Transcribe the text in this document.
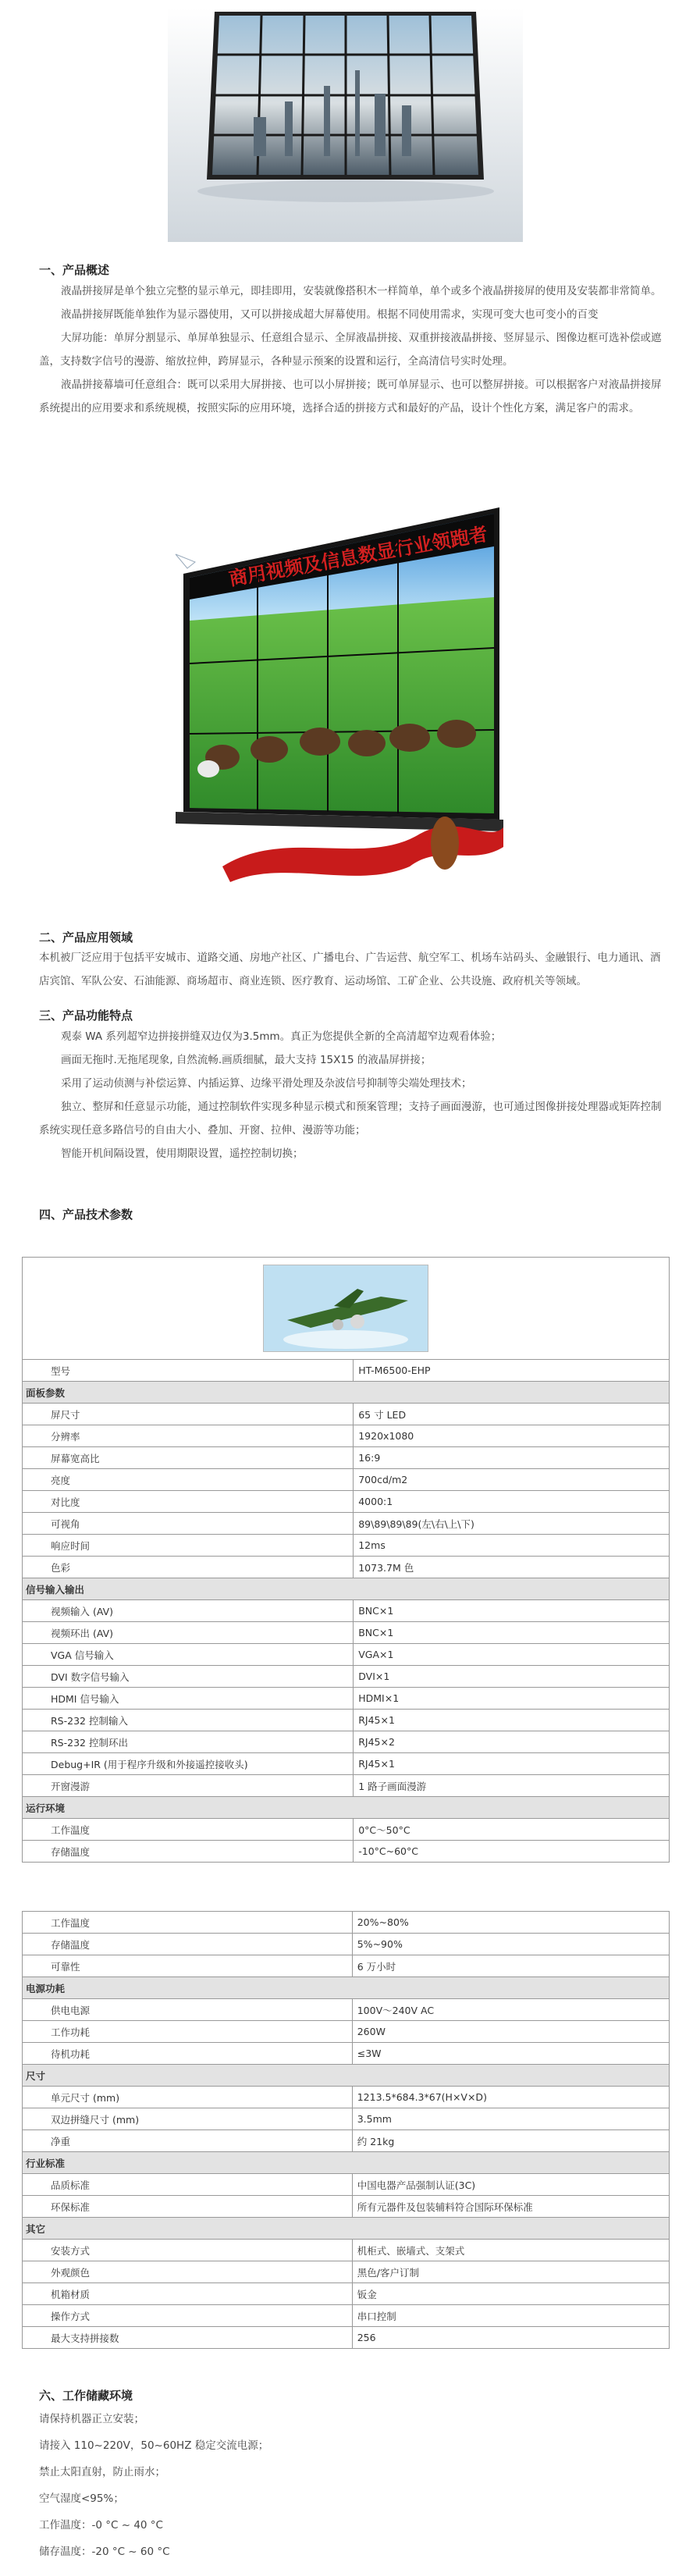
一、产品概述

液晶拼接屏是单个独立完整的显示单元，即挂即用，安装就像搭积木一样简单，单个或多个液晶拼接屏的使用及安装都非常简单。

液晶拼接屏既能单独作为显示器使用，又可以拼接成超大屏幕使用。根据不同使用需求，实现可变大也可变小的百变

大屏功能：单屏分割显示、单屏单独显示、任意组合显示、全屏液晶拼接、双重拼接液晶拼接、竖屏显示、图像边框可选补偿或遮盖，支持数字信号的漫游、缩放拉伸，跨屏显示，各种显示预案的设置和运行，全高清信号实时处理。

液晶拼接幕墙可任意组合：既可以采用大屏拼接、也可以小屏拼接；既可单屏显示、也可以整屏拼接。可以根据客户对液晶拼接屏系统提出的应用要求和系统规模，按照实际的应用环境，选择合适的拼接方式和最好的产品，设计个性化方案，满足客户的需求。

商用视频及信息数显行业领跑者
二、产品应用领域

本机被厂泛应用于包括平安城市、道路交通、房地产社区、广播电台、广告运营、航空军工、机场车站码头、金融银行、电力通讯、酒店宾馆、军队公安、石油能源、商场超市、商业连锁、医疗教育、运动场馆、工矿企业、公共设施、政府机关等领域。

三、产品功能特点

观泰 WA 系列超窄边拼接拼缝双边仅为3.5mm。真正为您提供全新的全高清超窄边观看体验；

画面无拖时.无拖尾现象, 自然流畅.画质细腻，最大支持 15X15 的液晶屏拼接；

采用了运动侦测与补偿运算、内插运算、边缘平滑处理及杂波信号抑制等尖端处理技术；

独立、整屏和任意显示功能，通过控制软件实现多种显示模式和预案管理；支持子画面漫游，也可通过图像拼接处理器或矩阵控制系统实现任意多路信号的自由大小、叠加、开窗、拉伸、漫游等功能；

智能开机间隔设置，使用期限设置，遥控控制切换；

四、产品技术参数

型号	HT-M6500-EHP
面板参数	
屏尺寸	65 寸 LED
分辨率	1920x1080
屏幕宽高比	16:9
亮度	700cd/m2
对比度	4000:1
可视角	89\89\89\89(左\右\上\下)
响应时间	12ms
色彩	1073.7M 色
信号输入输出	
视频输入 (AV)	BNC×1
视频环出 (AV)	BNC×1
VGA 信号输入	VGA×1
DVI 数字信号输入	DVI×1
HDMI 信号输入	HDMI×1
RS-232 控制输入	RJ45×1
RS-232 控制环出	RJ45×2
Debug+IR (用于程序升级和外接遥控接收头)	RJ45×1
开窗漫游	1 路子画面漫游
运行环境	
工作温度	0°C～50°C
存储温度	-10°C~60°C
工作温度	20%~80%
存储温度	5%~90%
可靠性	6 万小时
电源功耗	
供电电源	100V～240V AC
工作功耗	260W
待机功耗	≤3W
尺寸	
单元尺寸 (mm)	1213.5*684.3*67(H×V×D)
双边拼缝尺寸 (mm)	3.5mm
净重	约 21kg
行业标准	
品质标准	中国电器产品强制认证(3C)
环保标准	所有元器件及包装辅料符合国际环保标准
其它	
安装方式	机柜式、嵌墙式、支架式
外观颜色	黑色/客户订制
机箱材质	钣金
操作方式	串口控制
最大支持拼接数	256
六、工作储藏环境

请保持机器正立安装；

请接入 110~220V，50~60HZ 稳定交流电源；

禁止太阳直射，防止雨水；

空气湿度<95%；

工作温度：-0 °C ~ 40 °C

储存温度：-20 °C ~ 60 °C
